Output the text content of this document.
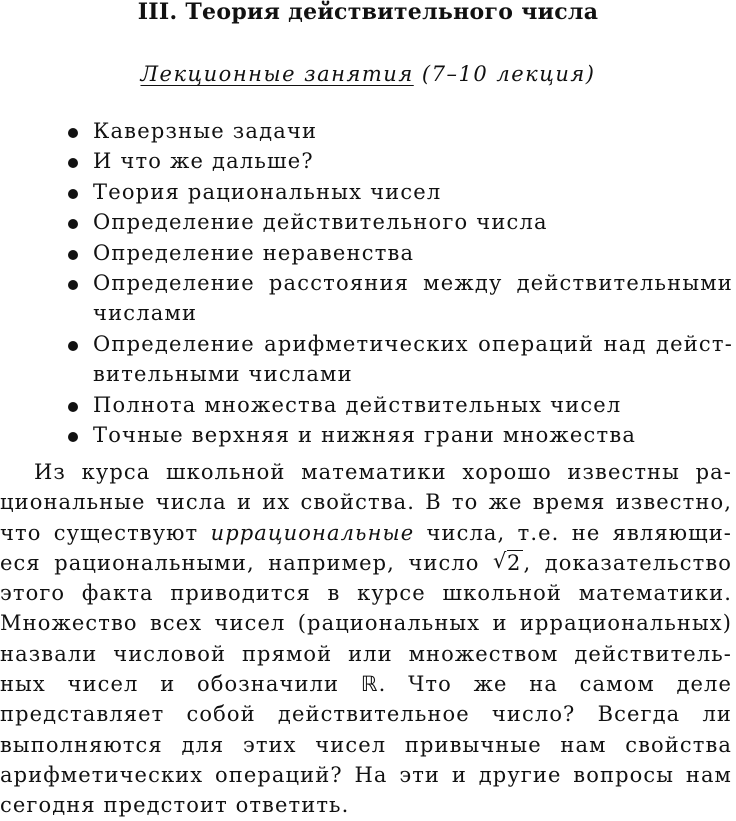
III. Теория действительного числа
Лекционные занятия (7–10 лекция)
Каверзные задачи
И что же дальше?
Теория рациональных чисел
Определение действительного числа
Определение неравенства
Определение расстояния между действительными
числами
Определение арифметических операций над дейст-
вительными числами
Полнота множества действительных чисел
Точные верхняя и нижняя грани множества
Из курса школьной математики хорошо известны ра-
циональные числа и их свойства. В то же время известно,
что существуют иррациональные числа, т.е. не являющи-
еся рациональными, например, число √ 2, доказательство
этого факта приводится в курсе школьной математики.
Множество всех чисел (рациональных и иррациональных)
назвали числовой прямой или множеством действитель-
ных чисел и обозначили ℝ. Что же на самом деле
представляет собой действительное число? Всегда ли
выполняются для этих чисел привычные нам свойства
арифметических операций? На эти и другие вопросы нам
сегодня предстоит ответить.
